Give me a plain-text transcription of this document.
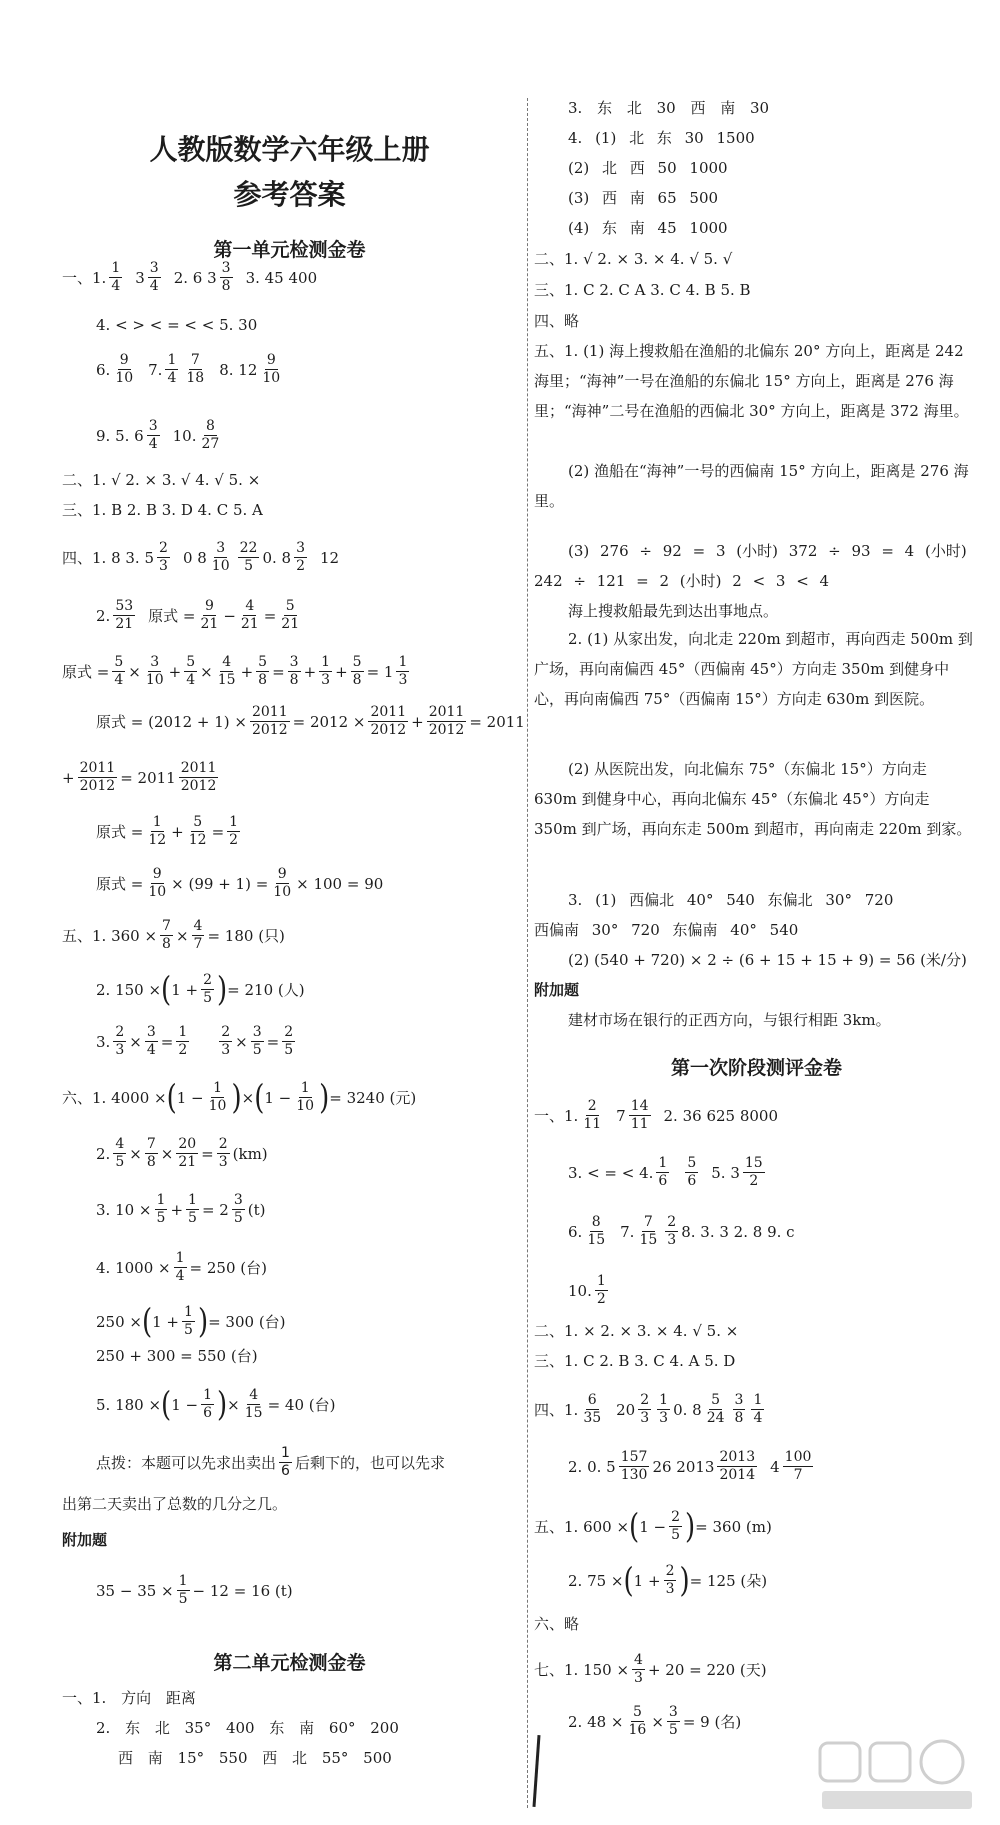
人教版数学六年级上册
参考答案
第一单元检测金卷
一、1. $\frac{1}{4} 3 \frac{3}{4} 2$. 6 $3 \frac{3}{8} 3$. 45 400
4. < > < = < < 5. 30
6. $\frac{9}{10} 7$. $\frac{1}{4} \frac{7}{18} 8$. $12 \frac{9}{10}$
9. 5. $6 \frac{3}{4} 10$. $\frac{8}{27}$
二、1. √ 2. × 3. √ 4. √ 5. ×
三、1. B 2. B 3. D 4. C 5. A
四、1. 8 3. $5 \frac{2}{3} 0$ $8 \frac{3}{10} \frac{22}{5} 0$. $8 \frac{3}{2} 12$
2. $\frac{53}{21}$ 原式 = $\frac{9}{21} - \frac{4}{21} = \frac{5}{21}$
原式 = $\frac{5}{4} \times \frac{3}{10} + \frac{5}{4} \times \frac{4}{15} + \frac{5}{8} = \frac{3}{8} + \frac{1}{3} + \frac{5}{8} = 1 \frac{1}{3}$
原式 = $(2012 + 1) \times \frac{2011}{2012} = 2012 \times \frac{2011}{2012} + \frac{2011}{2012} = 2011$
+ $\frac{2011}{2012} = 2011 \frac{2011}{2012}$
原式 = $\frac{1}{12} + \frac{5}{12} = \frac{1}{2}$
原式 = $\frac{9}{10} \times (99 + 1) = \frac{9}{10} \times 100 = 90$
五、1. $360 \times \frac{7}{8} \times \frac{4}{7} = 180$ (只)
2. 150 × ( $1 + \frac{2}{5}$ ) = 210 (人)
3. $\frac{2}{3} \times \frac{3}{4} = \frac{1}{2} \frac{2}{3} \times \frac{3}{5} = \frac{2}{5}$
六、1. 4000 × ( $1 - \frac{1}{10}$ ) × ( $1 - \frac{1}{10}$ ) = 3240 (元)
2. $\frac{4}{5} \times \frac{7}{8} \times \frac{20}{21} = \frac{2}{3} (km)$
3. $10 \times \frac{1}{5} + \frac{1}{5} = 2 \frac{3}{5} (t)$
4. $1000 \times \frac{1}{4} = 250$ (台)
250 × ( $1 + \frac{1}{5}$ ) = 300 (台)
250 + 300 = 550 (台)
5. 180 × ( $1 - \frac{1}{6}$ ) × $\frac{4}{15} = 40$ (台)
点拨：本题可以先求出卖出 $\frac{1}{6}$ 后剩下的，也可以先求
出第二天卖出了总数的几分之几。
附加题
$35 - 35 \times \frac{1}{5} - 12 = 16$ (t)
第二单元检测金卷
一、1. 方向 距离
2. 东 北 35° 400 东 南 60° 200
西 南 15° 550 西 北 55° 500
3. 东 北 30 西 南 30
4. (1) 北 东 30 1500
(2) 北 西 50 1000
(3) 西 南 65 500
(4) 东 南 45 1000
二、1. √ 2. × 3. × 4. √ 5. √
三、1. C 2. C A 3. C 4. B 5. B
四、略
五、1. (1) 海上搜救船在渔船的北偏东 20° 方向上，距离是 242 海里；“海神”一号在渔船的东偏北 15° 方向上，距离是 276 海里；“海神”二号在渔船的西偏北 30° 方向上，距离是 372 海里。
(2) 渔船在“海神”一号的西偏南 15° 方向上，距离是 276 海里。
(3) 276 ÷ 92 = 3 (小时) 372 ÷ 93 = 4 (小时)
242 ÷ 121 = 2 (小时) 2 < 3 < 4
海上搜救船最先到达出事地点。
2. (1) 从家出发，向北走 220m 到超市，再向西走 500m 到广场，再向南偏西 45°（西偏南 45°）方向走 350m 到健身中心，再向南偏西 75°（西偏南 15°）方向走 630m 到医院。
(2) 从医院出发，向北偏东 75°（东偏北 15°）方向走 630m 到健身中心，再向北偏东 45°（东偏北 45°）方向走 350m 到广场，再向东走 500m 到超市，再向南走 220m 到家。
3. (1) 西偏北 40° 540 东偏北 30° 720
西偏南 30° 720 东偏南 40° 540
(2) (540 + 720) × 2 ÷ (6 + 15 + 15 + 9) = 56 (米/分)
附加题
建材市场在银行的正西方向，与银行相距 3km。
第一次阶段测评金卷
一、1. $\frac{2}{11} 7 \frac{14}{11} 2$. 36 625 8000
3. < = < 4. $\frac{1}{6} \frac{5}{6} 5$. $3 \frac{15}{2}$
6. $\frac{8}{15} 7$. $\frac{7}{15} \frac{2}{3} 8$. 3. 3 2. 8 9. c
10. $\frac{1}{2}$
二、1. × 2. × 3. × 4. √ 5. ×
三、1. C 2. B 3. C 4. A 5. D
四、1. $\frac{6}{35} 20 \frac{2}{3} \frac{1}{3} 0$. $8 \frac{5}{24} \frac{3}{8} \frac{1}{4}$
2. 0. $5 \frac{157}{130} 26$ $2013 \frac{2013}{2014} 4 \frac{100}{7}$
五、1. 600 × ( $1 - \frac{2}{5}$ ) = 360 (m)
2. 75 × ( $1 + \frac{2}{3}$ ) = 125 (朵)
六、略
七、1. $150 \times \frac{4}{3} + 20 = 220$ (天)
2. $48 \times \frac{5}{16} \times \frac{3}{5} = 9$ (名)
